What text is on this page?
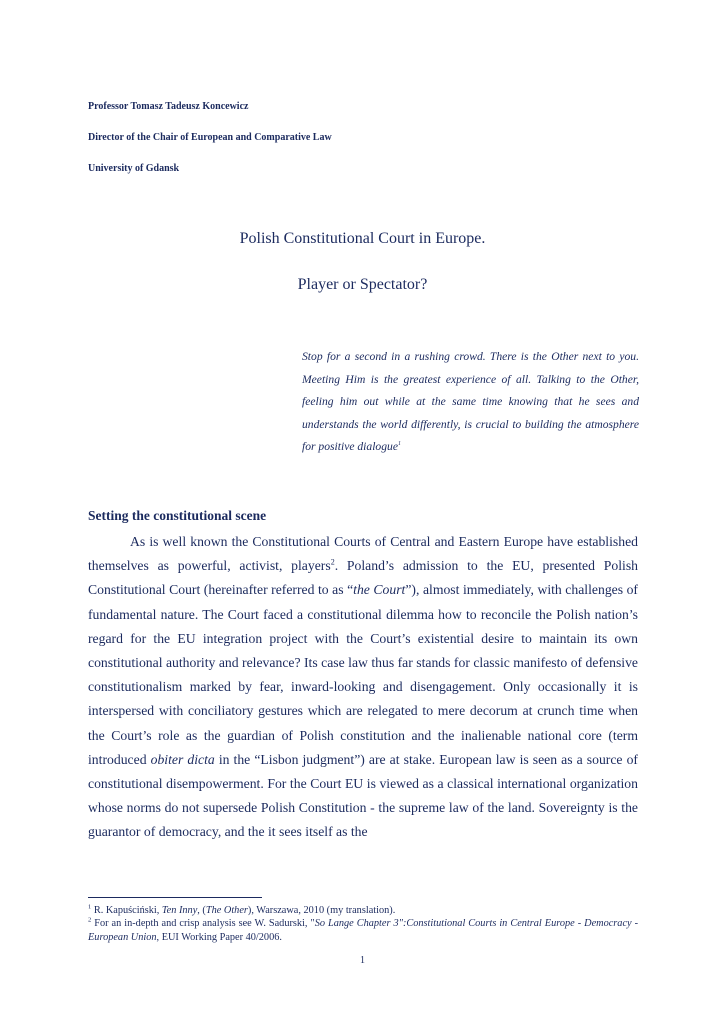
Professor Tomasz Tadeusz Koncewicz
Director of the Chair of European and Comparative Law
University of Gdansk
Polish Constitutional Court in Europe.
Player or Spectator?
Stop for a second in a rushing crowd. There is the Other next to you. Meeting Him is the greatest experience of all. Talking to the Other, feeling him out while at the same time knowing that he sees and understands the world differently, is crucial to building the atmosphere for positive dialogue$^1$
Setting the constitutional scene

As is well known the Constitutional Courts of Central and Eastern Europe have established themselves as powerful, activist, players$^2$. Poland’s admission to the EU, presented Polish Constitutional Court (hereinafter referred to as “the Court”), almost immediately, with challenges of fundamental nature. The Court faced a constitutional dilemma how to reconcile the Polish nation’s regard for the EU integration project with the Court’s existential desire to maintain its own constitutional authority and relevance? Its case law thus far stands for classic manifesto of defensive constitutionalism marked by fear, inward-looking and disengagement. Only occasionally it is interspersed with conciliatory gestures which are relegated to mere decorum at crunch time when the Court’s role as the guardian of Polish constitution and the inalienable national core (term introduced obiter dicta in the “Lisbon judgment”) are at stake. European law is seen as a source of constitutional disempowerment. For the Court EU is viewed as a classical international organization whose norms do not supersede Polish Constitution - the supreme law of the land. Sovereignty is the guarantor of democracy, and the it sees itself as the

$^1$ R. Kapuściński, Ten Inny, (The Other), Warszawa, 2010 (my translation).

$^2$ For an in-depth and crisp analysis see W. Sadurski, "So Lange Chapter 3":Constitutional Courts in Central Europe - Democracy - European Union, EUI Working Paper 40/2006.

1
